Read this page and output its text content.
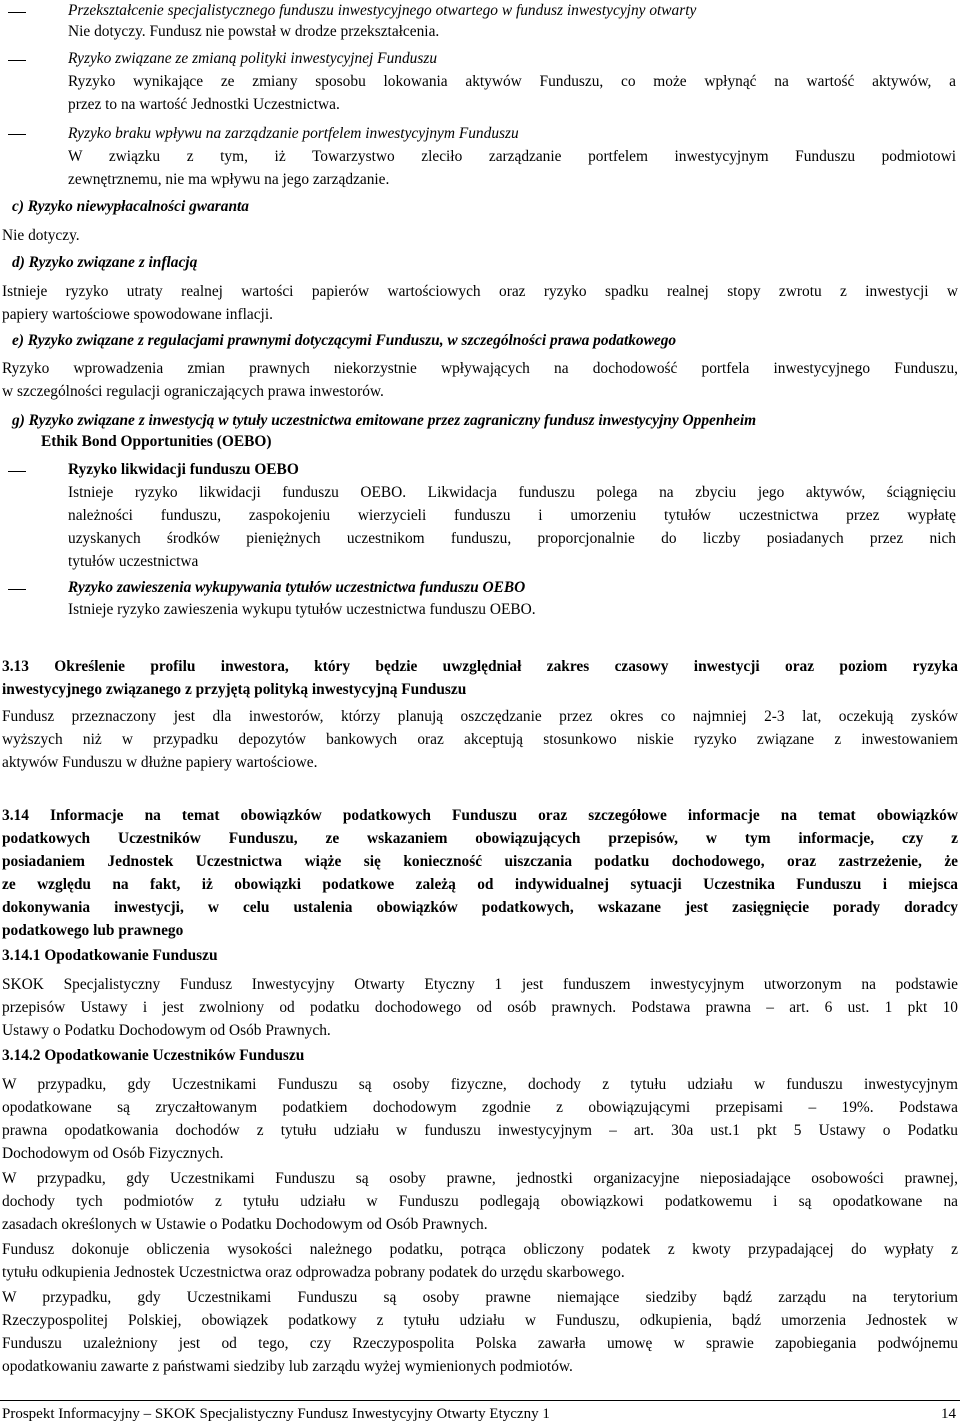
Przekształcenie specjalistycznego funduszu inwestycyjnego otwartego w fundusz inwestycyjny otwarty
Nie dotyczy. Fundusz nie powstał w drodze przekształcenia.
Ryzyko związane ze zmianą polityki inwestycyjnej Funduszu
Ryzyko wynikające ze zmiany sposobu lokowania aktywów Funduszu, co może wpłynąć na wartość aktywów, a
przez to na wartość Jednostki Uczestnictwa.
Ryzyko braku wpływu na zarządzanie portfelem inwestycyjnym Funduszu
W związku z tym, iż Towarzystwo zleciło zarządzanie portfelem inwestycyjnym Funduszu podmiotowi
zewnętrznemu, nie ma wpływu na jego zarządzanie.
c) Ryzyko niewypłacalności gwaranta
Nie dotyczy.
d) Ryzyko związane z inflacją
Istnieje ryzyko utraty realnej wartości papierów wartościowych oraz ryzyko spadku realnej stopy zwrotu z inwestycji w
papiery wartościowe spowodowane inflacji.
e) Ryzyko związane z regulacjami prawnymi dotyczącymi Funduszu, w szczególności prawa podatkowego
Ryzyko wprowadzenia zmian prawnych niekorzystnie wpływających na dochodowość portfela inwestycyjnego Funduszu,
w szczególności regulacji ograniczających prawa inwestorów.
g) Ryzyko związane z inwestycją w tytuły uczestnictwa emitowane przez zagraniczny fundusz inwestycyjny Oppenheim
Ethik Bond Opportunities (OEBO)
Ryzyko likwidacji funduszu OEBO
Istnieje ryzyko likwidacji funduszu OEBO. Likwidacja funduszu polega na zbyciu jego aktywów, ściągnięciu
należności funduszu, zaspokojeniu wierzycieli funduszu i umorzeniu tytułów uczestnictwa przez wypłatę
uzyskanych środków pieniężnych uczestnikom funduszu, proporcjonalnie do liczby posiadanych przez nich
tytułów uczestnictwa
Ryzyko zawieszenia wykupywania tytułów uczestnictwa funduszu OEBO
Istnieje ryzyko zawieszenia wykupu tytułów uczestnictwa funduszu OEBO.
3.13 Określenie profilu inwestora, który będzie uwzględniał zakres czasowy inwestycji oraz poziom ryzyka
inwestycyjnego związanego z przyjętą polityką inwestycyjną Funduszu
Fundusz przeznaczony jest dla inwestorów, którzy planują oszczędzanie przez okres co najmniej 2-3 lat, oczekują zysków
wyższych niż w przypadku depozytów bankowych oraz akceptują stosunkowo niskie ryzyko związane z inwestowaniem
aktywów Funduszu w dłużne papiery wartościowe.
3.14 Informacje na temat obowiązków podatkowych Funduszu oraz szczegółowe informacje na temat obowiązków
podatkowych Uczestników Funduszu, ze wskazaniem obowiązujących przepisów, w tym informacje, czy z
posiadaniem Jednostek Uczestnictwa wiąże się konieczność uiszczania podatku dochodowego, oraz zastrzeżenie, że
ze względu na fakt, iż obowiązki podatkowe zależą od indywidualnej sytuacji Uczestnika Funduszu i miejsca
dokonywania inwestycji, w celu ustalenia obowiązków podatkowych, wskazane jest zasięgnięcie porady doradcy
podatkowego lub prawnego
3.14.1 Opodatkowanie Funduszu
SKOK Specjalistyczny Fundusz Inwestycyjny Otwarty Etyczny 1 jest funduszem inwestycyjnym utworzonym na podstawie
przepisów Ustawy i jest zwolniony od podatku dochodowego od osób prawnych. Podstawa prawna – art. 6 ust. 1 pkt 10
Ustawy o Podatku Dochodowym od Osób Prawnych.
3.14.2 Opodatkowanie Uczestników Funduszu
W przypadku, gdy Uczestnikami Funduszu są osoby fizyczne, dochody z tytułu udziału w funduszu inwestycyjnym
opodatkowane są zryczałtowanym podatkiem dochodowym zgodnie z obowiązującymi przepisami – 19%. Podstawa
prawna opodatkowania dochodów z tytułu udziału w funduszu inwestycyjnym – art. 30a ust.1 pkt 5 Ustawy o Podatku
Dochodowym od Osób Fizycznych.
W przypadku, gdy Uczestnikami Funduszu są osoby prawne, jednostki organizacyjne nieposiadające osobowości prawnej,
dochody tych podmiotów z tytułu udziału w Funduszu podlegają obowiązkowi podatkowemu i są opodatkowane na
zasadach określonych w Ustawie o Podatku Dochodowym od Osób Prawnych.
Fundusz dokonuje obliczenia wysokości należnego podatku, potrąca obliczony podatek z kwoty przypadającej do wypłaty z
tytułu odkupienia Jednostek Uczestnictwa oraz odprowadza pobrany podatek do urzędu skarbowego.
W przypadku, gdy Uczestnikami Funduszu są osoby prawne niemające siedziby bądź zarządu na terytorium
Rzeczypospolitej Polskiej, obowiązek podatkowy z tytułu udziału w Funduszu, odkupienia, bądź umorzenia Jednostek w
Funduszu uzależniony jest od tego, czy Rzeczypospolita Polska zawarła umowę w sprawie zapobiegania podwójnemu
opodatkowaniu zawarte z państwami siedziby lub zarządu wyżej wymienionych podmiotów.
Prospekt Informacyjny – SKOK Specjalistyczny Fundusz Inwestycyjny Otwarty Etyczny 1	14
